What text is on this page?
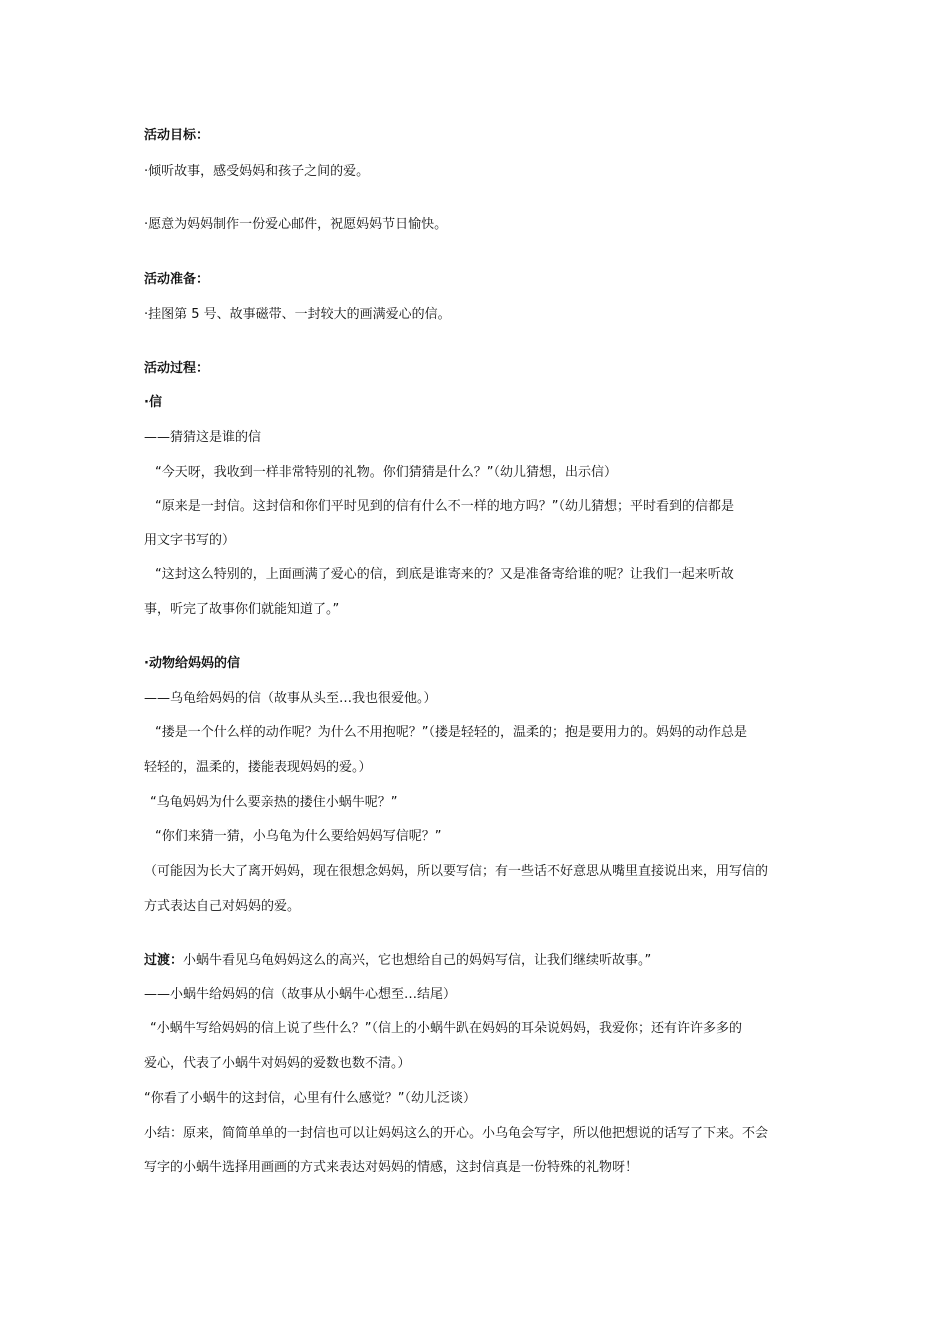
活动目标：
·倾听故事，感受妈妈和孩子之间的爱。
·愿意为妈妈制作一份爱心邮件，祝愿妈妈节日愉快。
活动准备：
·挂图第 5 号、故事磁带、一封较大的画满爱心的信。
活动过程：
·信
——猜猜这是谁的信
“今天呀，我收到一样非常特别的礼物。你们猜猜是什么？”（幼儿猜想，出示信）
“原来是一封信。这封信和你们平时见到的信有什么不一样的地方吗？”（幼儿猜想；平时看到的信都是
用文字书写的）
“这封这么特别的，上面画满了爱心的信，到底是谁寄来的？又是准备寄给谁的呢？让我们一起来听故
事，听完了故事你们就能知道了。”
·动物给妈妈的信
——乌龟给妈妈的信（故事从头至…我也很爱他。）
“搂是一个什么样的动作呢？为什么不用抱呢？”（搂是轻轻的，温柔的；抱是要用力的。妈妈的动作总是
轻轻的，温柔的，搂能表现妈妈的爱。）
“乌龟妈妈为什么要亲热的搂住小蜗牛呢？”
“你们来猜一猜，小乌龟为什么要给妈妈写信呢？”
（可能因为长大了离开妈妈，现在很想念妈妈，所以要写信；有一些话不好意思从嘴里直接说出来，用写信的
方式表达自己对妈妈的爱。
过渡：小蜗牛看见乌龟妈妈这么的高兴，它也想给自己的妈妈写信，让我们继续听故事。”
——小蜗牛给妈妈的信（故事从小蜗牛心想至…结尾）
“小蜗牛写给妈妈的信上说了些什么？”（信上的小蜗牛趴在妈妈的耳朵说妈妈，我爱你；还有许许多多的
爱心，代表了小蜗牛对妈妈的爱数也数不清。）
“你看了小蜗牛的这封信，心里有什么感觉？”（幼儿泛谈）
小结：原来，简简单单的一封信也可以让妈妈这么的开心。小乌龟会写字，所以他把想说的话写了下来。不会
写字的小蜗牛选择用画画的方式来表达对妈妈的情感，这封信真是一份特殊的礼物呀！
